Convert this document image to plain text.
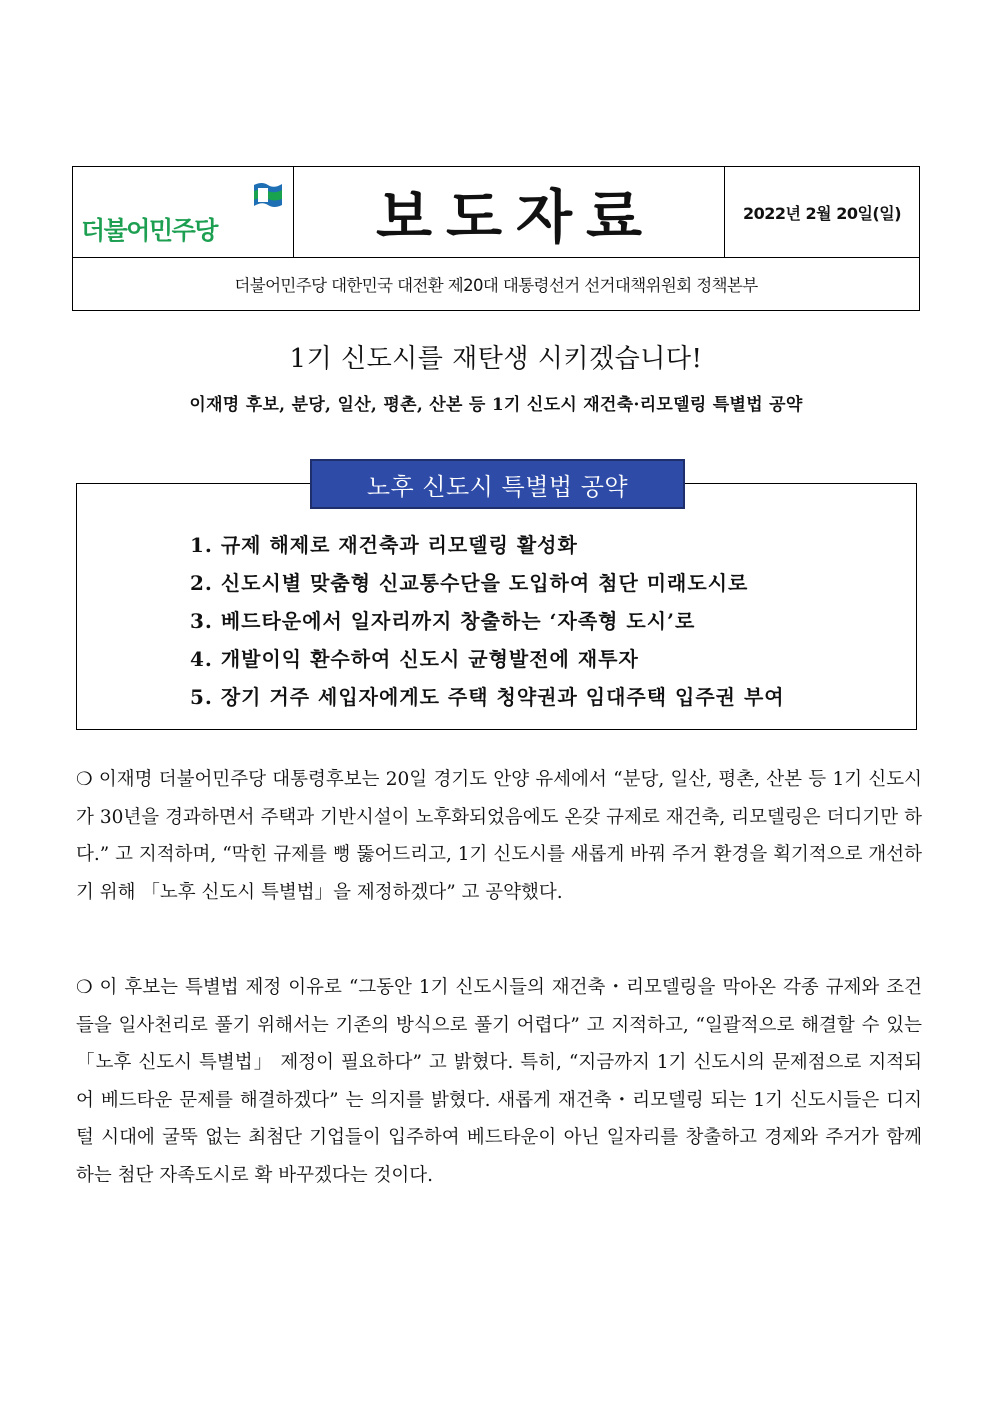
더불어민주당	보도자료	2022년 2월 20일(일)
더불어민주당 대한민국 대전환 제20대 대통령선거 선거대책위원회 정책본부
1기 신도시를 재탄생 시키겠습니다!
이재명 후보, 분당, 일산, 평촌, 산본 등 1기 신도시 재건축·리모델링 특별법 공약
노후 신도시 특별법 공약
1. 규제 해제로 재건축과 리모델링 활성화
2. 신도시별 맞춤형 신교통수단을 도입하여 첨단 미래도시로
3. 베드타운에서 일자리까지 창출하는 ‘자족형 도시’로
4. 개발이익 환수하여 신도시 균형발전에 재투자
5. 장기 거주 세입자에게도 주택 청약권과 임대주택 입주권 부여

❍ 이재명 더불어민주당 대통령후보는 20일 경기도 안양 유세에서 “분당, 일산, 평촌, 산본 등 1기 신도시가 30년을 경과하면서 주택과 기반시설이 노후화되었음에도 온갖 규제로 재건축, 리모델링은 더디기만 하다.” 고 지적하며, “막힌 규제를 뻥 뚫어드리고, 1기 신도시를 새롭게 바꿔 주거 환경을 획기적으로 개선하기 위해 「노후 신도시 특별법」을 제정하겠다” 고 공약했다.

❍ 이 후보는 특별법 제정 이유로 “그동안 1기 신도시들의 재건축・리모델링을 막아온 각종 규제와 조건들을 일사천리로 풀기 위해서는 기존의 방식으로 풀기 어렵다” 고 지적하고, “일괄적으로 해결할 수 있는 「노후 신도시 특별법」 제정이 필요하다” 고 밝혔다. 특히, “지금까지 1기 신도시의 문제점으로 지적되어 베드타운 문제를 해결하겠다” 는 의지를 밝혔다. 새롭게 재건축・리모델링 되는 1기 신도시들은 디지털 시대에 굴뚝 없는 최첨단 기업들이 입주하여 베드타운이 아닌 일자리를 창출하고 경제와 주거가 함께 하는 첨단 자족도시로 확 바꾸겠다는 것이다.
